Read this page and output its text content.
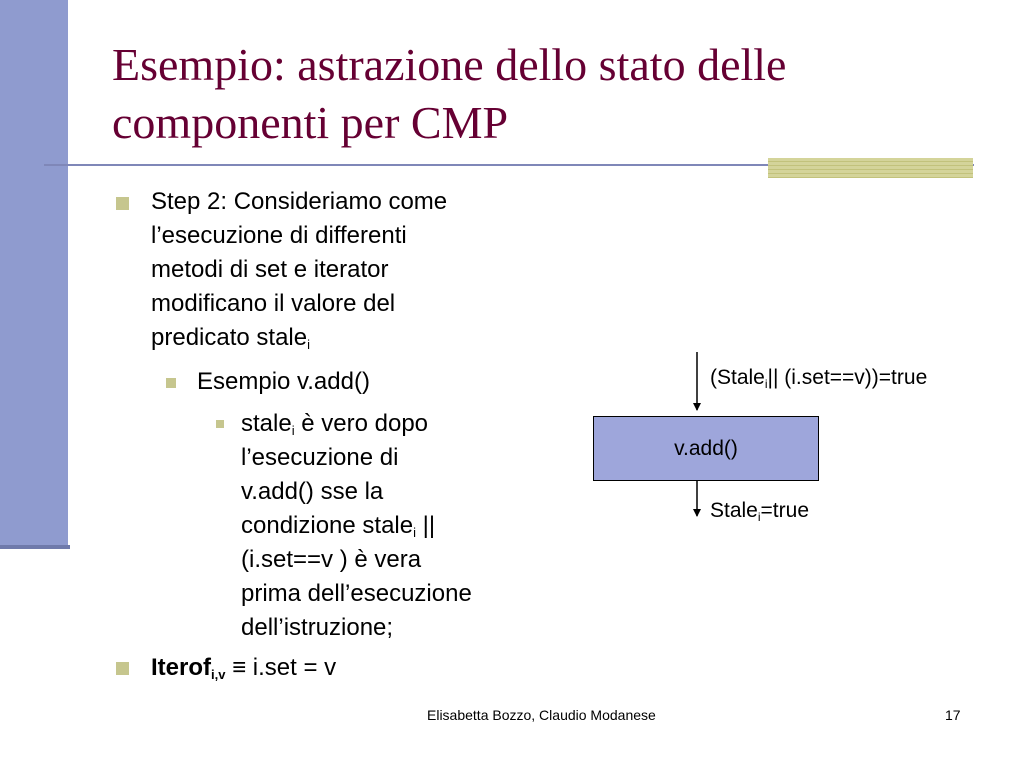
Esempio: astrazione dello stato delle componenti per CMP
Step 2: Consideriamo come
l’esecuzione di differenti
metodi di set e iterator
modificano il valore del
predicato stale$_i$
Esempio v.add()
stale$_i$ è vero dopo
l’esecuzione di
v.add() sse la
condizione stale$_i$ ||
(i.set==v ) è vera
prima dell’esecuzione
dell’istruzione;
Iterof$_{i,v}$ ≡ i.set = v
(Stale$_i$|| (i.set==v))=true
v.add()
Stale$_i$=true
Elisabetta Bozzo, Claudio Modanese	17
